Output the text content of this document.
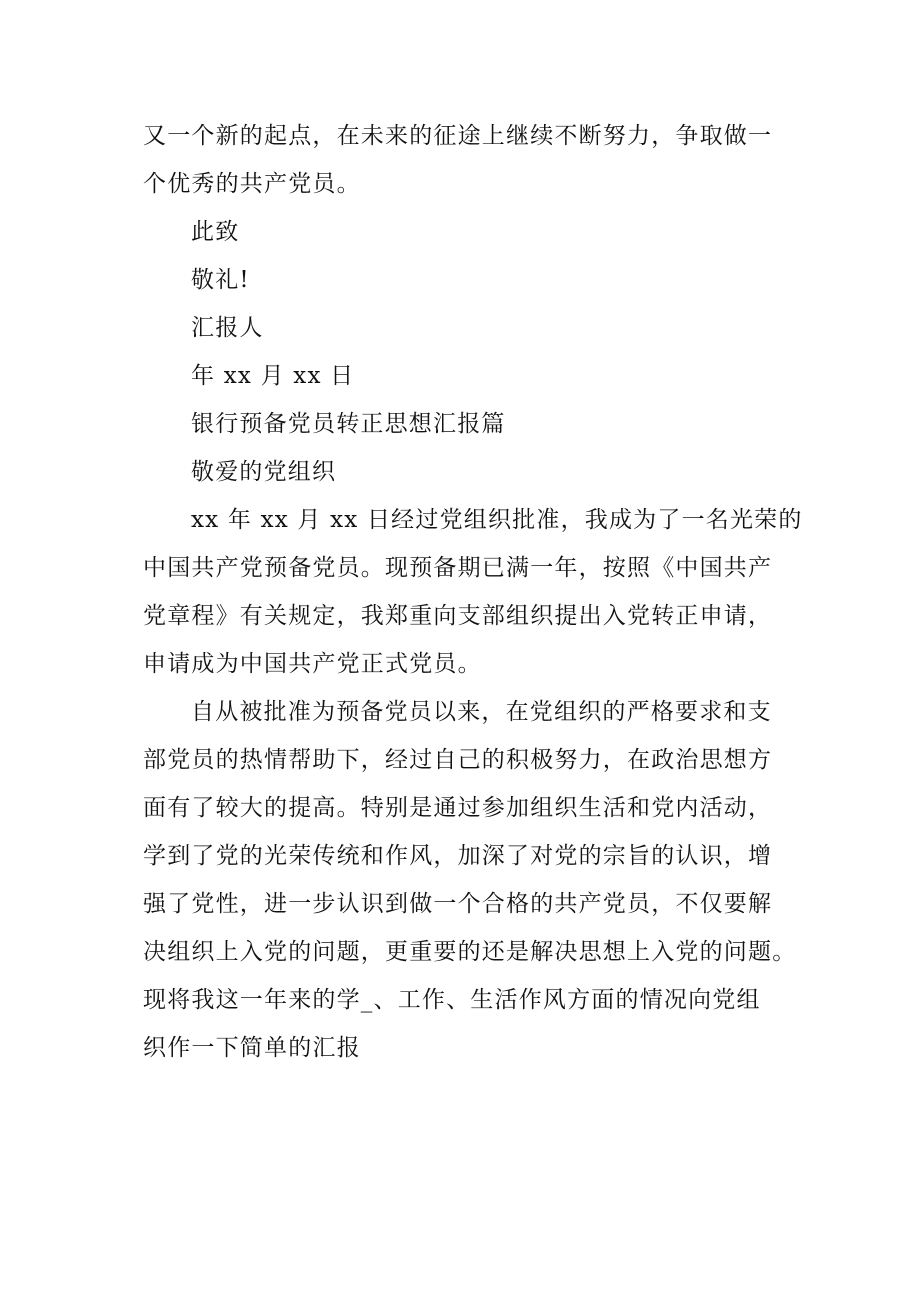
又一个新的起点，在未来的征途上继续不断努力，争取做一
个优秀的共产党员。
此致
敬礼!
汇报人
年 xx 月 xx 日
银行预备党员转正思想汇报篇
敬爱的党组织
xx 年 xx 月 xx 日经过党组织批准，我成为了一名光荣的
中国共产党预备党员。现预备期已满一年，按照《中国共产
党章程》有关规定，我郑重向支部组织提出入党转正申请，
申请成为中国共产党正式党员。
自从被批准为预备党员以来，在党组织的严格要求和支
部党员的热情帮助下，经过自己的积极努力，在政治思想方
面有了较大的提高。特别是通过参加组织生活和党内活动，
学到了党的光荣传统和作风，加深了对党的宗旨的认识，增
强了党性，进一步认识到做一个合格的共产党员，不仅要解
决组织上入党的问题，更重要的还是解决思想上入党的问题。
现将我这一年来的学_、工作、生活作风方面的情况向党组
织作一下简单的汇报
